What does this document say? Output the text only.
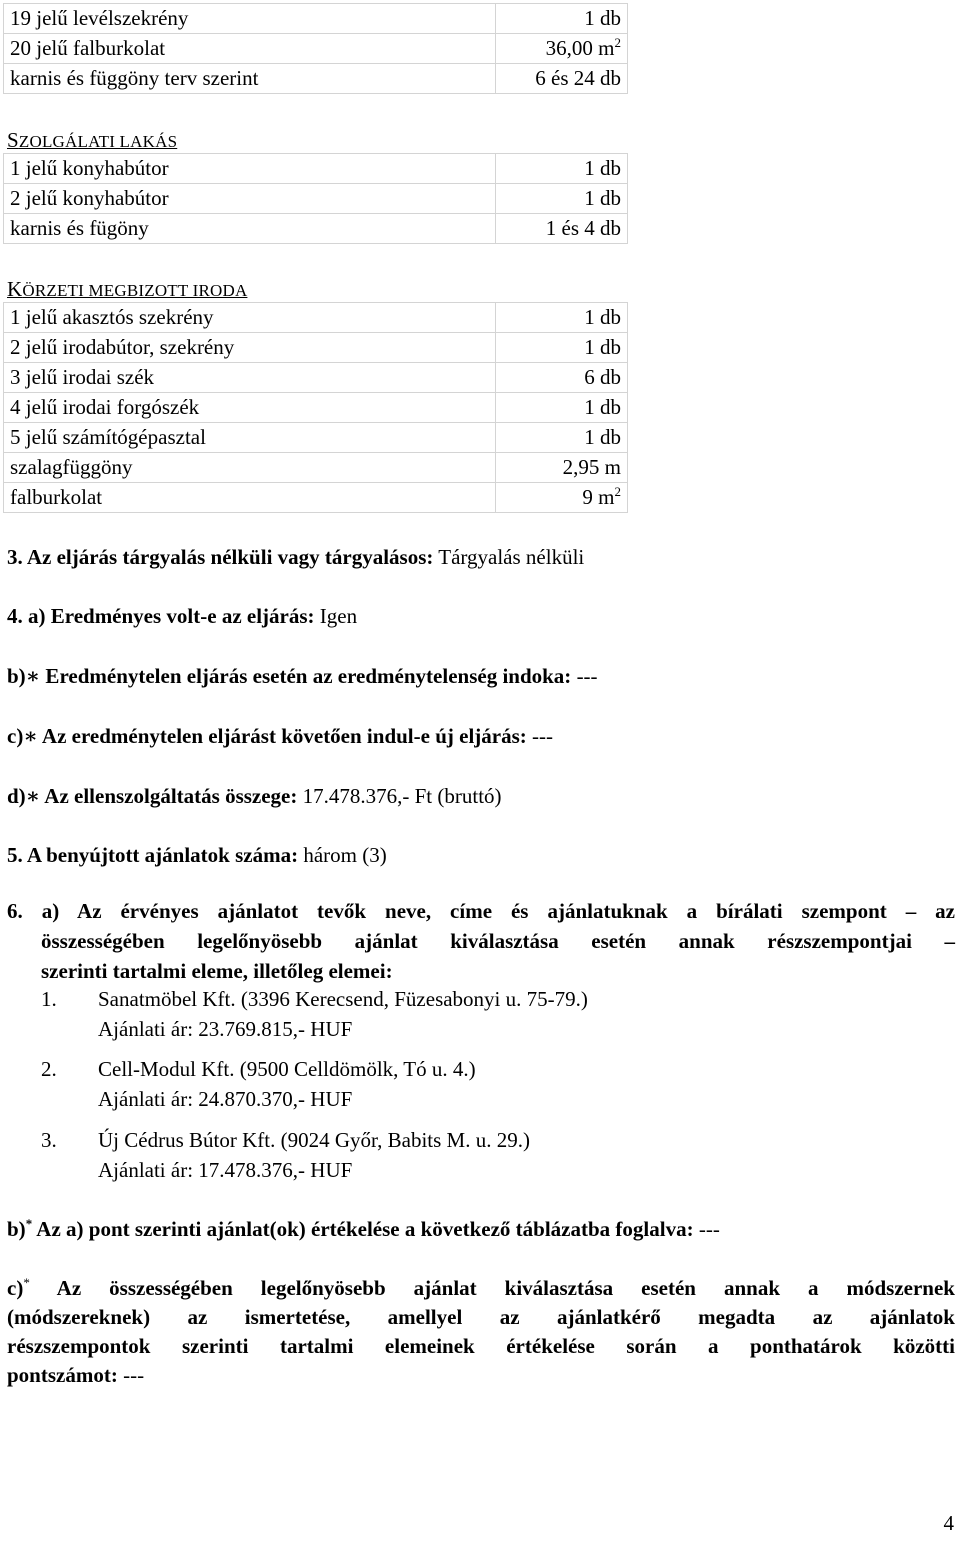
19 jelű levélszekrény	1 db
20 jelű falburkolat	36,00 $m^2$
karnis és függöny terv szerint	6 és 24 db
SZOLGÁLATI LAKÁS
1 jelű konyhabútor	1 db
2 jelű konyhabútor	1 db
karnis és fügöny	1 és 4 db
KÖRZETI MEGBIZOTT IRODA
1 jelű akasztós szekrény	1 db
2 jelű irodabútor, szekrény	1 db
3 jelű irodai szék	6 db
4 jelű irodai forgószék	1 db
5 jelű számítógépasztal	1 db
szalagfüggöny	2,95 m
falburkolat	9 $m^2$
3. Az eljárás tárgyalás nélküli vagy tárgyalásos: Tárgyalás nélküli
4. a) Eredményes volt-e az eljárás: Igen
b)∗ Eredménytelen eljárás esetén az eredménytelenség indoka: ---
c)∗ Az eredménytelen eljárást követően indul-e új eljárás: ---
d)∗ Az ellenszolgáltatás összege: 17.478.376,- Ft (bruttó)
5. A benyújtott ajánlatok száma: három (3)
6. a) Az érvényes ajánlatot tevők neve, címe és ajánlatuknak a bírálati szempont – az
összességében legelőnyösebb ajánlat kiválasztása esetén annak részszempontjai –
szerinti tartalmi eleme, illetőleg elemei:
1. Sanatmöbel Kft. (3396 Kerecsend, Füzesabonyi u. 75-79.)
Ajánlati ár: 23.769.815,- HUF
2. Cell-Modul Kft. (9500 Celldömölk, Tó u. 4.)
Ajánlati ár: 24.870.370,- HUF
3. Új Cédrus Bútor Kft. (9024 Győr, Babits M. u. 29.)
Ajánlati ár: 17.478.376,- HUF
b)* Az a) pont szerinti ajánlat(ok) értékelése a következő táblázatba foglalva: ---
c)* Az összességében legelőnyösebb ajánlat kiválasztása esetén annak a módszernek
(módszereknek) az ismertetése, amellyel az ajánlatkérő megadta az ajánlatok
részszempontok szerinti tartalmi elemeinek értékelése során a ponthatárok közötti
pontszámot: ---
4
